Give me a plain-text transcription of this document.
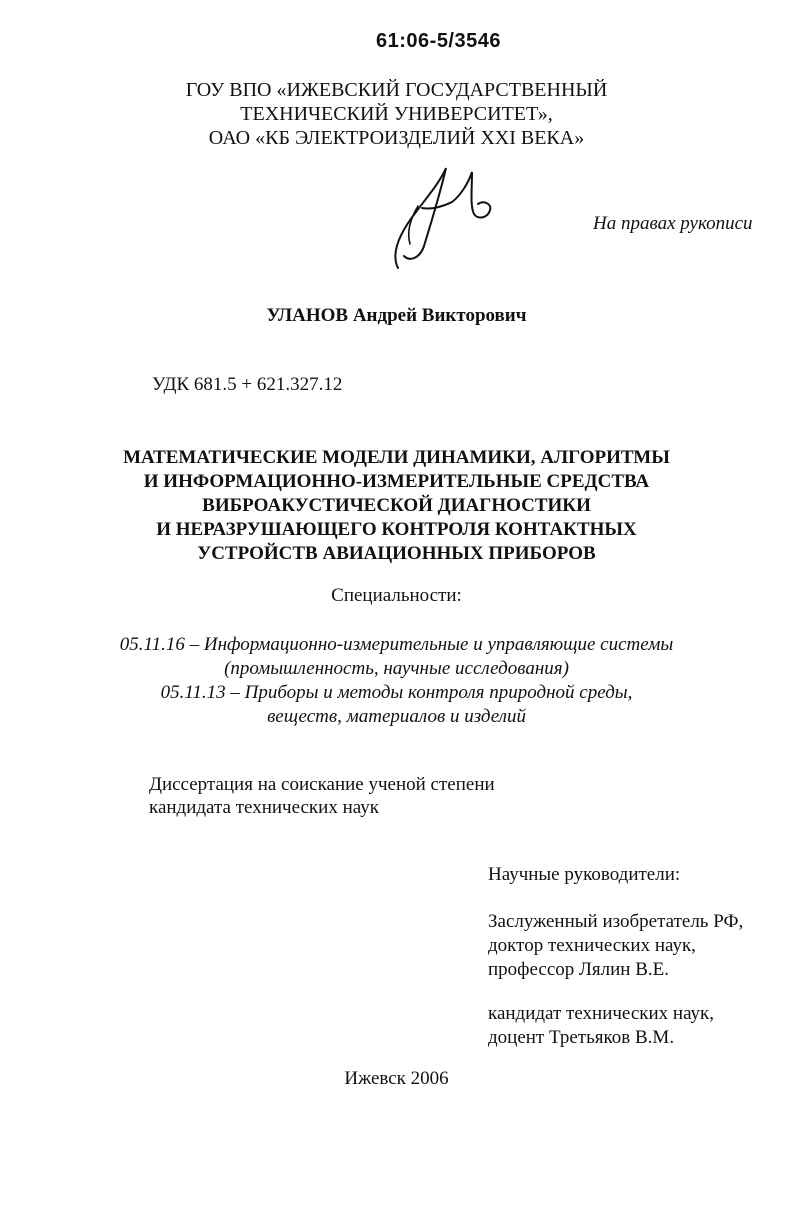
61:06-5/3546
ГОУ ВПО «ИЖЕВСКИЙ ГОСУДАРСТВЕННЫЙ
ТЕХНИЧЕСКИЙ УНИВЕРСИТЕТ»,
ОАО «КБ ЭЛЕКТРОИЗДЕЛИЙ XXI ВЕКА»
На правах рукописи
УЛАНОВ Андрей Викторович
УДК 681.5 + 621.327.12
МАТЕМАТИЧЕСКИЕ МОДЕЛИ ДИНАМИКИ, АЛГОРИТМЫ
И ИНФОРМАЦИОННО-ИЗМЕРИТЕЛЬНЫЕ СРЕДСТВА
ВИБРОАКУСТИЧЕСКОЙ ДИАГНОСТИКИ
И НЕРАЗРУШАЮЩЕГО КОНТРОЛЯ КОНТАКТНЫХ
УСТРОЙСТВ АВИАЦИОННЫХ ПРИБОРОВ
Специальности:
05.11.16 – Информационно-измерительные и управляющие системы
(промышленность, научные исследования)
05.11.13 – Приборы и методы контроля природной среды,
веществ, материалов и изделий
Диссертация на соискание ученой степени
кандидата технических наук
Научные руководители:
Заслуженный изобретатель РФ,
доктор технических наук,
профессор Лялин В.Е.
кандидат технических наук,
доцент Третьяков В.М.
Ижевск 2006
